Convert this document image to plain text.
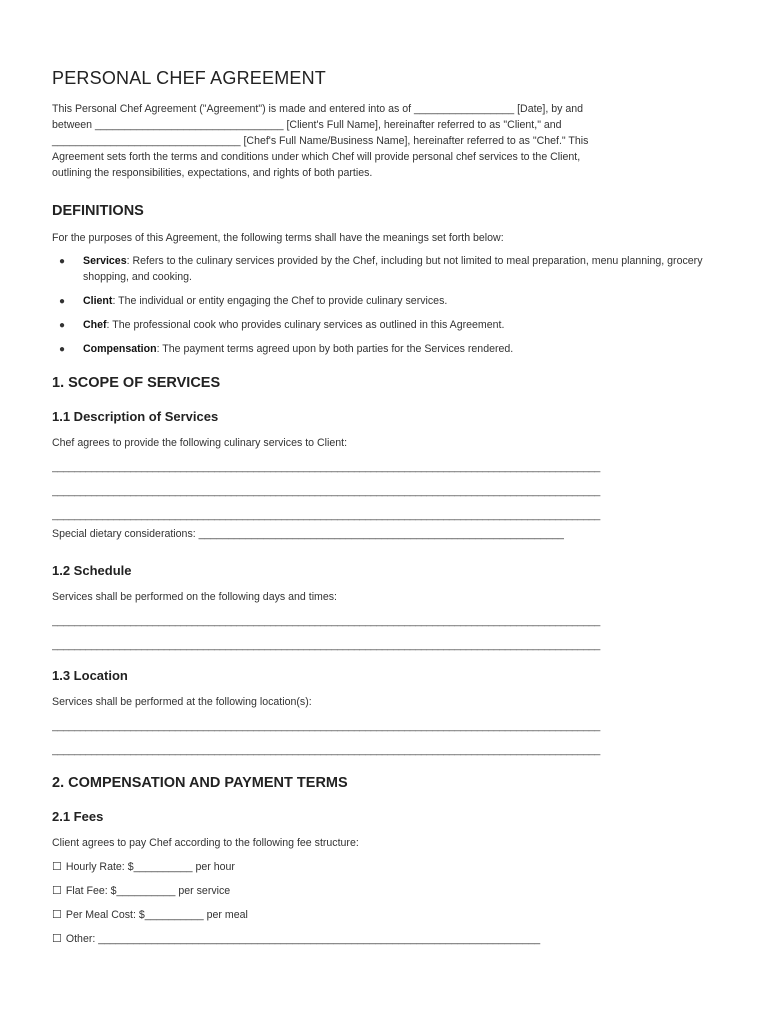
PERSONAL CHEF AGREEMENT

This Personal Chef Agreement ("Agreement") is made and entered into as of _________________ [Date], by and

between ________________________________ [Client's Full Name], hereinafter referred to as "Client," and

________________________________ [Chef's Full Name/Business Name], hereinafter referred to as "Chef." This

Agreement sets forth the terms and conditions under which Chef will provide personal chef services to the Client,

outlining the responsibilities, expectations, and rights of both parties.

DEFINITIONS

For the purposes of this Agreement, the following terms shall have the meanings set forth below:

● Services: Refers to the culinary services provided by the Chef, including but not limited to meal preparation, menu planning, grocery shopping, and cooking.
● Client: The individual or entity engaging the Chef to provide culinary services.
● Chef: The professional cook who provides culinary services as outlined in this Agreement.
● Compensation: The payment terms agreed upon by both parties for the Services rendered.
1. SCOPE OF SERVICES
1.1 Description of Services

Chef agrees to provide the following culinary services to Client:

__________________________________________________________________________________________________
__________________________________________________________________________________________________
__________________________________________________________________________________________________

Special dietary considerations: ______________________________________________________________

1.2 Schedule

Services shall be performed on the following days and times:

__________________________________________________________________________________________________
__________________________________________________________________________________________________
1.3 Location

Services shall be performed at the following location(s):

__________________________________________________________________________________________________
__________________________________________________________________________________________________
2. COMPENSATION AND PAYMENT TERMS
2.1 Fees

Client agrees to pay Chef according to the following fee structure:

☐ Hourly Rate: $__________ per hour

☐ Flat Fee: $__________ per service

☐ Per Meal Cost: $__________ per meal

☐ Other: ___________________________________________________________________________
